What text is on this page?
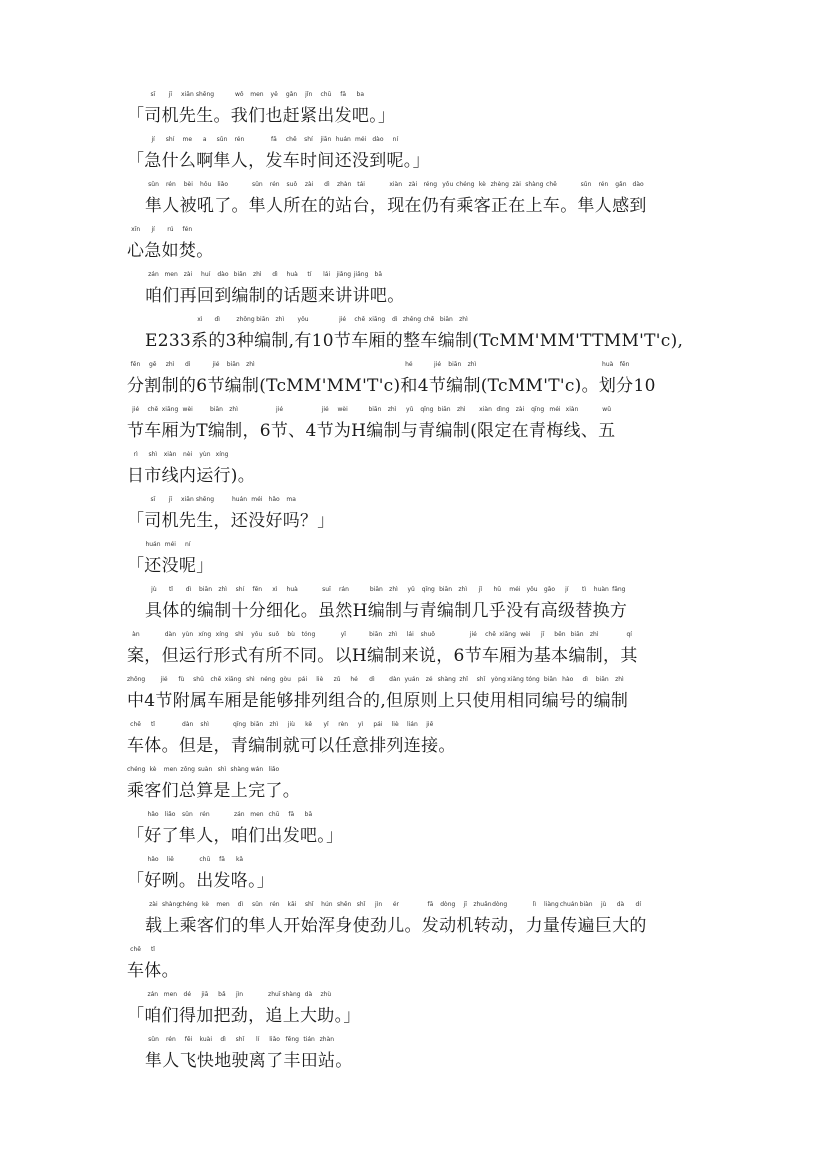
「司机先生。我们也赶紧出发吧。」
sī jī xiān shēng	wǒ men yě gǎn jǐn chū fā ba
「急什么啊隼人，发车时间还没到呢。」
jí shí me a sǔn rén	fā chē shí jiān huán méi dào ní
隼人被吼了。隼人所在的站台，现在仍有乘客正在上车。隼人感到
sǔn rén bèi hǒu liǎo	sǔn rén suǒ zài dì zhàn tái	xiàn zài réng yǒu chéng kè zhèng zài shàng chē	sǔn rén gǎn dào
心急如焚。
xīn jí rú fén
咱们再回到编制的话题来讲讲吧。
zán men zài huí dào biān zhì dì huà tí lái jiǎng jiǎng bā
E233系的3种编制,有10节车厢的整车编制(TcMM'MM'TTMM'T'c),
xì dì	zhǒng biān zhì yǒu	jié chē xiāng dì zhěng chē biān zhì
分割制的6节编制(TcMM'MM'T'c)和4节编制(TcMM'T'c)。划分10
fēn gē zhì dì	jié biān zhì	hé	jié biān zhì	huà fēn
节车厢为T编制，6节、4节为H编制与青编制(限定在青梅线、五
jié chē xiāng wèi	biān zhì	jié	jié wèi	biān zhì yǔ qīng biān zhì xiàn dìng zài qīng méi xiàn	wǔ
日市线内运行)。
rì shì xiàn nèi yùn xíng
「司机先生，还没好吗？」
sī jī xiān shēng	huán méi hǎo ma
「还没呢」
huán méi ní
具体的编制十分细化。虽然H编制与青编制几乎没有高级替换方
jù tǐ dì biān zhì shí fēn xì huà	suī rán	biān zhì yǔ qīng biān zhì jǐ hū méi yǒu gāo jí tì huàn fāng
案，但运行形式有所不同。以H编制来说，6节车厢为基本编制，其
àn	dàn yùn xíng xíng shì yǒu suǒ bù tóng	yǐ	biān zhì lái shuō	jié chē xiāng wèi jī běn biān zhì	qí
中4节附属车厢是能够排列组合的,但原则上只使用相同编号的编制
zhōng	jié fù shǔ chē xiāng shì néng gòu pái liè zǔ hé dì dàn yuán zé shàng zhǐ shǐ yòng xiāng tóng biān hào dì biān zhì
车体。但是，青编制就可以任意排列连接。
chē tǐ	dàn shì	qīng biān zhì jiù kě yǐ rèn yì pái liè lián jiē
乘客们总算是上完了。
chéng kè men zǒng suàn shì shàng wán liǎo
「好了隼人，咱们出发吧。」
hǎo liǎo sǔn rén	zán men chū fā bā
「好咧。出发咯。」
hǎo liě	chū fā kǎ
载上乘客们的隼人开始浑身使劲儿。发动机转动，力量传遍巨大的
zài shàng chéng kè men dì sǔn rén kāi shǐ hún shēn shǐ jìn ér	fā dòng jī zhuǎn dòng	lì liàng chuán biàn jù dà dí
车体。
chē tǐ
「咱们得加把劲，追上大助。」
zán men dé jiā bǎ jìn	zhuī shàng dà zhù
隼人飞快地驶离了丰田站。
sǔn rén fēi kuài dì shǐ lí liǎo fēng tián zhàn
